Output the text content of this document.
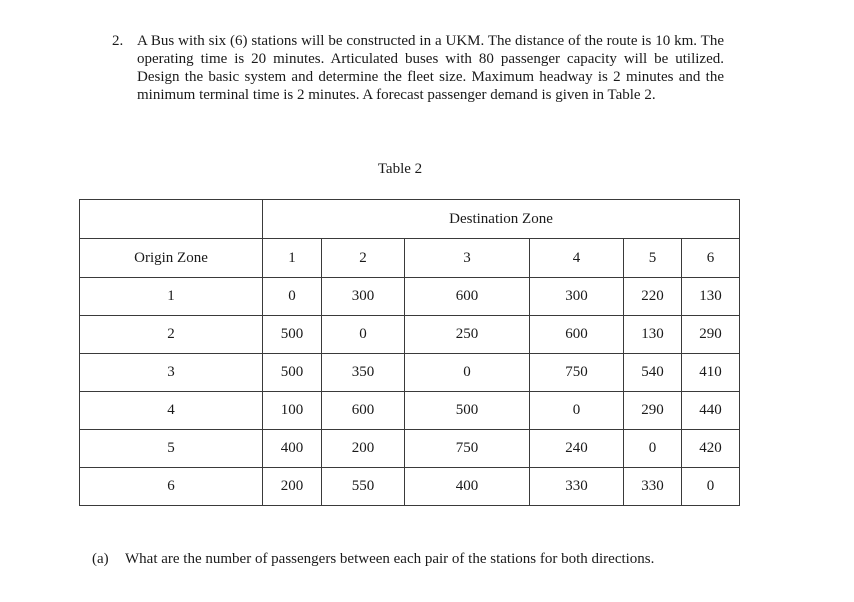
2. A Bus with six (6) stations will be constructed in a UKM. The distance of the route is 10 km. The operating time is 20 minutes. Articulated buses with 80 passenger capacity will be utilized. Design the basic system and determine the fleet size. Maximum headway is 2 minutes and the minimum terminal time is 2 minutes. A forecast passenger demand is given in Table 2.
Table 2
	Destination Zone					
Origin Zone	1	2	3	4	5	6
1	0	300	600	300	220	130
2	500	0	250	600	130	290
3	500	350	0	750	540	410
4	100	600	500	0	290	440
5	400	200	750	240	0	420
6	200	550	400	330	330	0
(a) What are the number of passengers between each pair of the stations for both directions.
